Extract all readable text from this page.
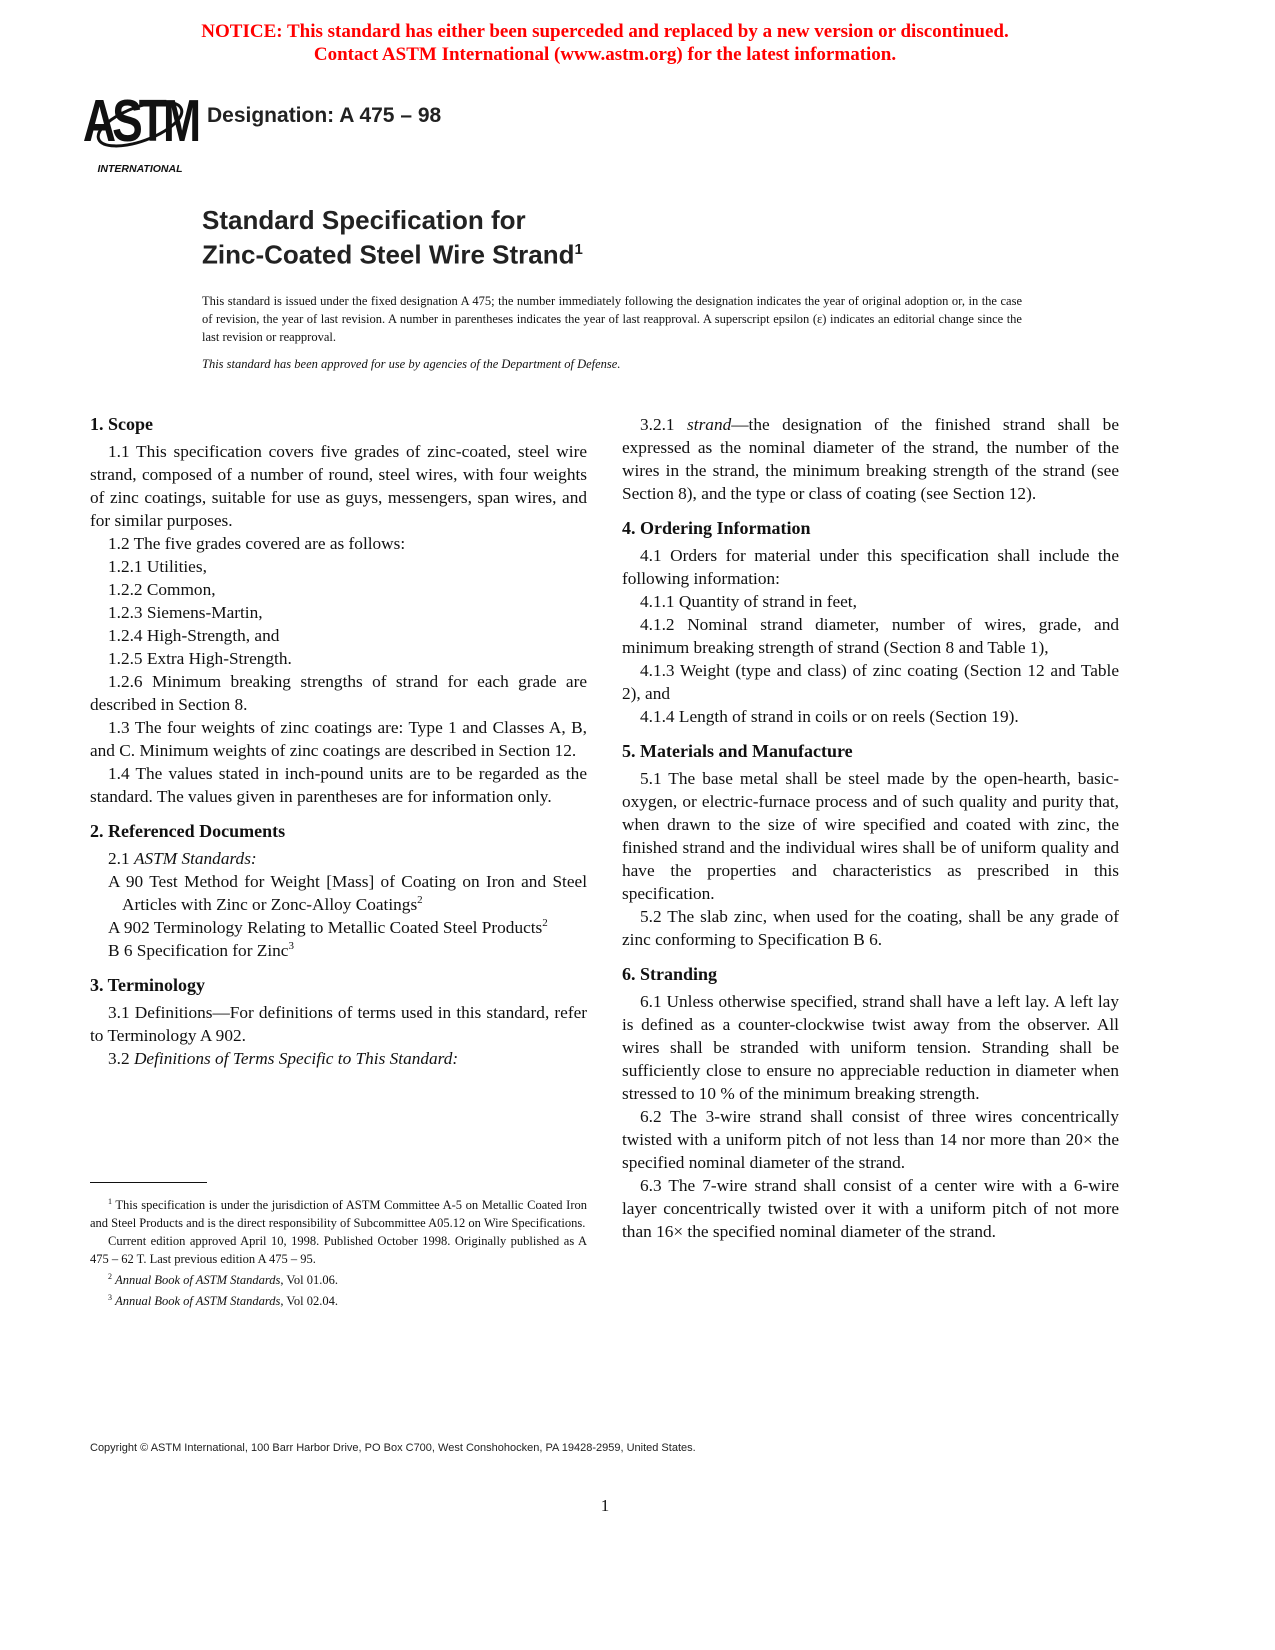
NOTICE: This standard has either been superceded and replaced by a new version or discontinued.
Contact ASTM International (www.astm.org) for the latest information.
ASTM
INTERNATIONAL
Designation: A 475 – 98
Standard Specification for
Zinc-Coated Steel Wire Strand$^1$
This standard is issued under the fixed designation A 475; the number immediately following the designation indicates the year of original adoption or, in the case of revision, the year of last revision. A number in parentheses indicates the year of last reapproval. A superscript epsilon (ε) indicates an editorial change since the last revision or reapproval.
This standard has been approved for use by agencies of the Department of Defense.
1. Scope

1.1 This specification covers five grades of zinc-coated, steel wire strand, composed of a number of round, steel wires, with four weights of zinc coatings, suitable for use as guys, messengers, span wires, and for similar purposes.

1.2 The five grades covered are as follows:

1.2.1 Utilities,

1.2.2 Common,

1.2.3 Siemens-Martin,

1.2.4 High-Strength, and

1.2.5 Extra High-Strength.

1.2.6 Minimum breaking strengths of strand for each grade are described in Section 8.

1.3 The four weights of zinc coatings are: Type 1 and Classes A, B, and C. Minimum weights of zinc coatings are described in Section 12.

1.4 The values stated in inch-pound units are to be regarded as the standard. The values given in parentheses are for information only.

2. Referenced Documents

2.1 ASTM Standards:

A 90 Test Method for Weight [Mass] of Coating on Iron and Steel Articles with Zinc or Zonc-Alloy Coatings$^2$

A 902 Terminology Relating to Metallic Coated Steel Products$^2$

B 6 Specification for Zinc$^3$

3. Terminology

3.1 Definitions—For definitions of terms used in this standard, refer to Terminology A 902.

3.2 Definitions of Terms Specific to This Standard:

3.2.1 strand—the designation of the finished strand shall be expressed as the nominal diameter of the strand, the number of the wires in the strand, the minimum breaking strength of the strand (see Section 8), and the type or class of coating (see Section 12).

4. Ordering Information

4.1 Orders for material under this specification shall include the following information:

4.1.1 Quantity of strand in feet,

4.1.2 Nominal strand diameter, number of wires, grade, and minimum breaking strength of strand (Section 8 and Table 1),

4.1.3 Weight (type and class) of zinc coating (Section 12 and Table 2), and

4.1.4 Length of strand in coils or on reels (Section 19).

5. Materials and Manufacture

5.1 The base metal shall be steel made by the open-hearth, basic-oxygen, or electric-furnace process and of such quality and purity that, when drawn to the size of wire specified and coated with zinc, the finished strand and the individual wires shall be of uniform quality and have the properties and characteristics as prescribed in this specification.

5.2 The slab zinc, when used for the coating, shall be any grade of zinc conforming to Specification B 6.

6. Stranding

6.1 Unless otherwise specified, strand shall have a left lay. A left lay is defined as a counter-clockwise twist away from the observer. All wires shall be stranded with uniform tension. Stranding shall be sufficiently close to ensure no appreciable reduction in diameter when stressed to 10 % of the minimum breaking strength.

6.2 The 3-wire strand shall consist of three wires concentrically twisted with a uniform pitch of not less than 14 nor more than 20× the specified nominal diameter of the strand.

6.3 The 7-wire strand shall consist of a center wire with a 6-wire layer concentrically twisted over it with a uniform pitch of not more than 16× the specified nominal diameter of the strand.

$^1$ This specification is under the jurisdiction of ASTM Committee A-5 on Metallic Coated Iron and Steel Products and is the direct responsibility of Subcommittee A05.12 on Wire Specifications.

Current edition approved April 10, 1998. Published October 1998. Originally published as A 475 – 62 T. Last previous edition A 475 – 95.

$^2$ Annual Book of ASTM Standards, Vol 01.06.

$^3$ Annual Book of ASTM Standards, Vol 02.04.

Copyright © ASTM International, 100 Barr Harbor Drive, PO Box C700, West Conshohocken, PA 19428-2959, United States.
1
